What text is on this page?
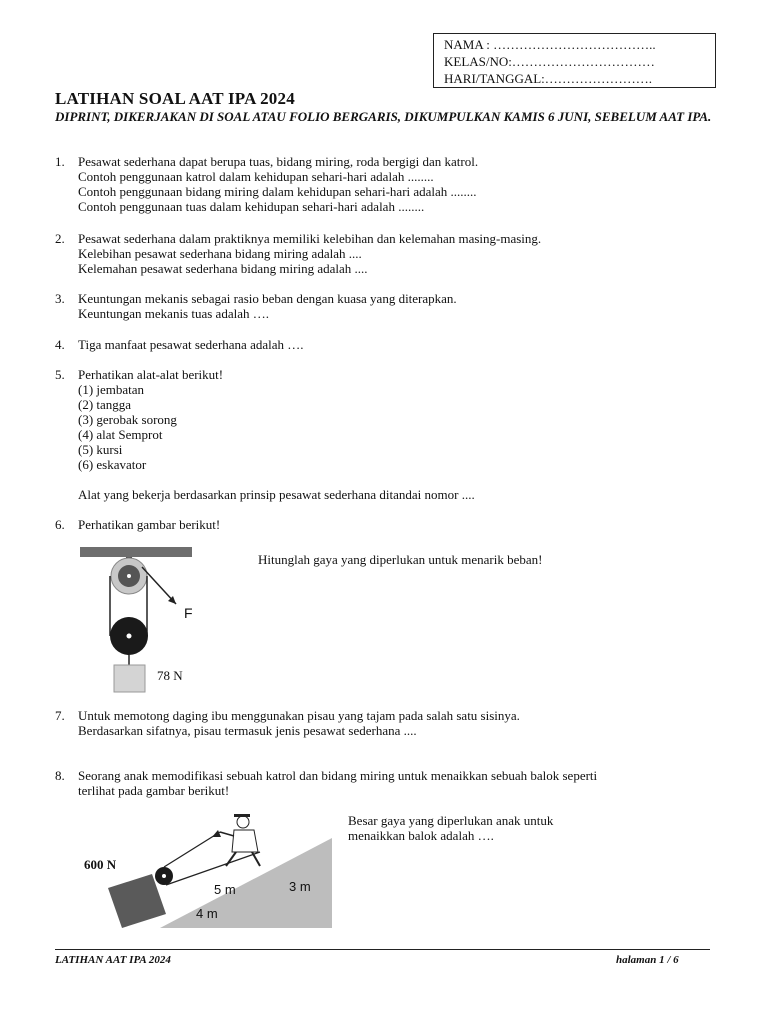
NAMA : ………………………………..
KELAS/NO:……………………………
HARI/TANGGAL:…………………….
LATIHAN SOAL AAT IPA 2024
DIPRINT, DIKERJAKAN DI SOAL ATAU FOLIO BERGARIS, DIKUMPULKAN KAMIS 6 JUNI, SEBELUM AAT IPA.
1. Pesawat sederhana dapat berupa tuas, bidang miring, roda bergigi dan katrol.
Contoh penggunaan katrol dalam kehidupan sehari-hari adalah ........
Contoh penggunaan bidang miring dalam kehidupan sehari-hari adalah ........
Contoh penggunaan tuas dalam kehidupan sehari-hari adalah ........
2. Pesawat sederhana dalam praktiknya memiliki kelebihan dan kelemahan masing-masing.
Kelebihan pesawat sederhana bidang miring adalah ....
Kelemahan pesawat sederhana bidang miring adalah ....
3. Keuntungan mekanis sebagai rasio beban dengan kuasa yang diterapkan.
Keuntungan mekanis tuas adalah ….
4. Tiga manfaat pesawat sederhana adalah ….
5. Perhatikan alat-alat berikut!
(1) jembatan
(2) tangga
(3) gerobak sorong
(4) alat Semprot
(5) kursi
(6) eskavator
Alat yang bekerja berdasarkan prinsip pesawat sederhana ditandai nomor ....
6. Perhatikan gambar berikut!
F
78 N
Hitunglah gaya yang diperlukan untuk menarik beban!
7. Untuk memotong daging ibu menggunakan pisau yang tajam pada salah satu sisinya.
Berdasarkan sifatnya, pisau termasuk jenis pesawat sederhana ....
8. Seorang anak memodifikasi sebuah katrol dan bidang miring untuk menaikkan sebuah balok seperti
terlihat pada gambar berikut!
Besar gaya yang diperlukan anak untuk
menaikkan balok adalah ….
600 N
5 m	3 m
4 m
LATIHAN AAT IPA 2024	halaman 1 / 6
